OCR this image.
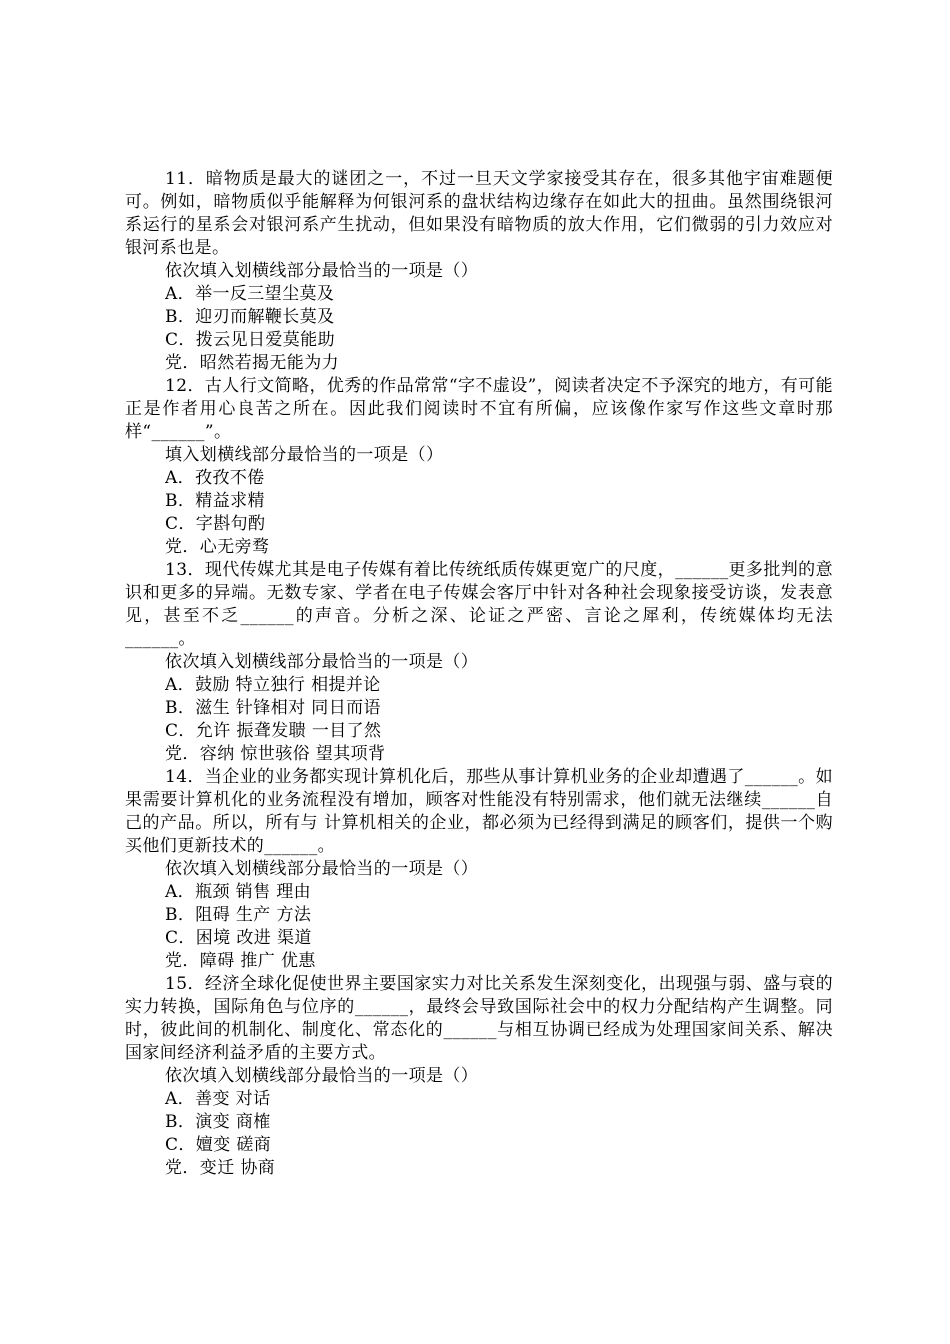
11．暗物质是最大的谜团之一，不过一旦天文学家接受其存在，很多其他宇宙难题便可。例如，暗物质似乎能解释为何银河系的盘状结构边缘存在如此大的扭曲。虽然围绕银河系运行的星系会对银河系产生扰动，但如果没有暗物质的放大作用，它们微弱的引力效应对银河系也是。

依次填入划横线部分最恰当的一项是（）

A．举一反三望尘莫及

B．迎刃而解鞭长莫及

C．拨云见日爱莫能助

党．昭然若揭无能为力

12．古人行文简略，优秀的作品常常“字不虚设”，阅读者决定不予深究的地方，有可能正是作者用心良苦之所在。因此我们阅读时不宜有所偏，应该像作家写作这些文章时那样“______”。

填入划横线部分最恰当的一项是（）

A．孜孜不倦

B．精益求精

C．字斟句酌

党．心无旁骛

13．现代传媒尤其是电子传媒有着比传统纸质传媒更宽广的尺度，______更多批判的意识和更多的异端。无数专家、学者在电子传媒会客厅中针对各种社会现象接受访谈，发表意见，甚至不乏______的声音。分析之深、论证之严密、言论之犀利，传统媒体均无法______。

依次填入划横线部分最恰当的一项是（）

A．鼓励 特立独行 相提并论

B．滋生 针锋相对 同日而语

C．允许 振聋发聩 一目了然

党．容纳 惊世骇俗 望其项背

14．当企业的业务都实现计算机化后，那些从事计算机业务的企业却遭遇了______。如果需要计算机化的业务流程没有增加，顾客对性能没有特别需求，他们就无法继续______自己的产品。所以，所有与 计算机相关的企业，都必须为已经得到满足的顾客们，提供一个购买他们更新技术的______。

依次填入划横线部分最恰当的一项是（）

A．瓶颈 销售 理由

B．阻碍 生产 方法

C．困境 改进 渠道

党．障碍 推广 优惠

15．经济全球化促使世界主要国家实力对比关系发生深刻变化，出现强与弱、盛与衰的实力转换，国际角色与位序的______，最终会导致国际社会中的权力分配结构产生调整。同时，彼此间的机制化、制度化、常态化的______与相互协调已经成为处理国家间关系、解决国家间经济利益矛盾的主要方式。

依次填入划横线部分最恰当的一项是（）

A．善变 对话

B．演变 商榷

C．嬗变 磋商

党．变迁 协商
